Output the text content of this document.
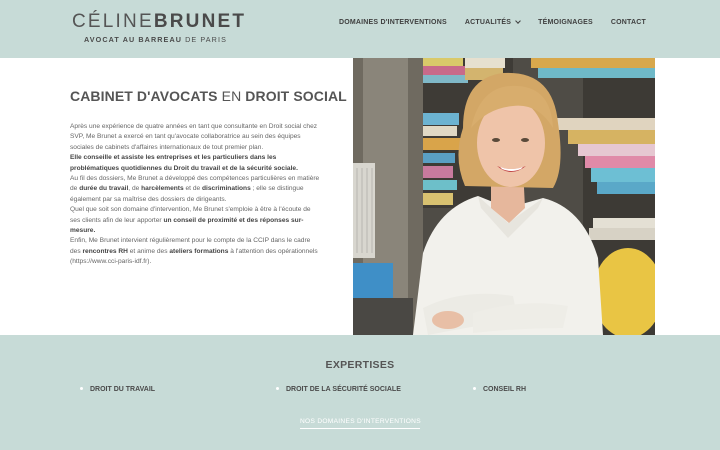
CÉLINEBRUNET
AVOCAT AU BARREAU DE PARIS
DOMAINES D'INTERVENTIONS	ACTUALITÉS	TÉMOIGNAGES	CONTACT
CABINET D'AVOCATS EN DROIT SOCIAL
Après une expérience de quatre années en tant que consultante en Droit social chez SVP, Me Brunet a exercé en tant qu'avocate collaboratrice au sein des équipes sociales de cabinets d'affaires internationaux de tout premier plan.
Elle conseille et assiste les entreprises et les particuliers dans les problématiques quotidiennes du Droit du travail et de la sécurité sociale.
Au fil des dossiers, Me Brunet a développé des compétences particulières en matière de durée du travail, de harcèlements et de discriminations ; elle se distingue également par sa maîtrise des dossiers de dirigeants.
Quel que soit son domaine d'intervention, Me Brunet s'emploie à être à l'écoute de ses clients afin de leur apporter un conseil de proximité et des réponses sur-mesure.
Enfin, Me Brunet intervient régulièrement pour le compte de la CCIP dans le cadre des rencontres RH et anime des ateliers formations à l'attention des opérationnels (https://www.cci-paris-idf.fr).
EXPERTISES
DROIT DU TRAVAIL	DROIT DE LA SÉCURITÉ SOCIALE	CONSEIL RH
NOS DOMAINES D'INTERVENTIONS
